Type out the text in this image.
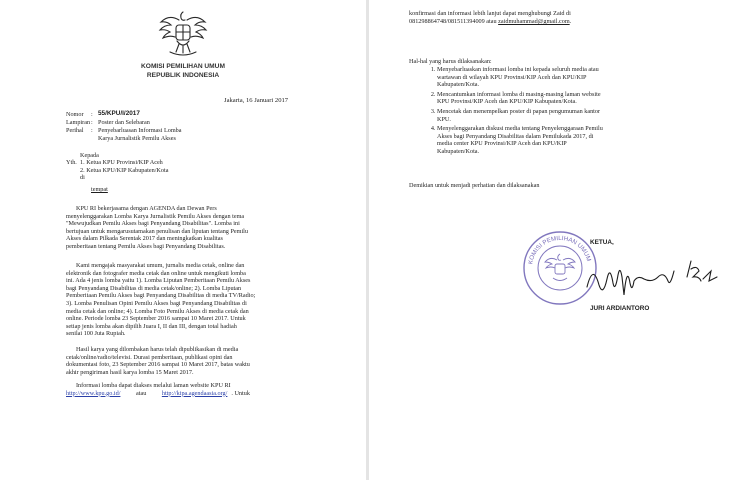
KOMISI PEMILIHAN UMUM
REPUBLIK INDONESIA
Jakarta, 16 Januari 2017
Nomor : 55/KPU/I/2017
Lampiran : Poster dan Selebaran
Perihal : Penyebarluasan Informasi Lomba
Karya Jurnalistik Pemilu Akses
Kepada
Yth. 1. Ketua KPU Provinsi/KIP Aceh
2. Ketua KPU/KIP Kabupaten/Kota
di
tempat
KPU RI bekerjasama dengan AGENDA dan Dewan Pers
menyelenggarakan Lomba Karya Jurnalistik Pemilu Akses dengan tema
"Mewujudkan Pemilu Akses bagi Penyandang Disabilitas". Lomba ini
bertujuan untuk mengarusutamakan penulisan dan liputan tentang Pemilu
Akses dalam Pilkada Serentak 2017 dan meningkatkan kualitas
pemberitaan tentang Pemilu Akses bagi Penyandang Disabilitas.
Kami mengajak masyarakat umum, jurnalis media cetak, online dan
elektronik dan fotografer media cetak dan online untuk mengikuti lomba
ini. Ada 4 jenis lomba yaitu 1). Lomba Liputan Pemberitaan Pemilu Akses
bagi Penyandang Disabilitas di media cetak/online; 2). Lomba Liputan
Pemberitaan Pemilu Akses bagi Penyandang Disabilitas di media TV/Radio;
3). Lomba Penulisan Opini Pemilu Akses bagi Penyandang Disabilitas di
media cetak dan online; 4). Lomba Foto Pemilu Akses di media cetak dan
online. Periode lomba 23 September 2016 sampai 10 Maret 2017. Untuk
setiap jenis lomba akan dipilih Juara I, II dan III, dengan total hadiah
senilai 100 Juta Rupiah.
Hasil karya yang dilombakan harus telah dipublikasikan di media
cetak/online/radio/televisi. Durasi pemberitaan, publikasi opini dan
dokumentasi foto, 23 September 2016 sampai 10 Maret 2017, batas waktu
akhir pengiriman hasil karya lomba 15 Maret 2017.
Informasi lomba dapat diakses melalui laman website KPU RI
http://www.kpu.go.id/	atau	http://kipa.agendaasia.org/ . Untuk
konfirmasi dan informasi lebih lanjut dapat menghubungi Zaid di
081298864748/081511394009 atau zaidmuhammad@gmail.com.
Hal-hal yang harus dilaksanakan:
1. Menyebarluaskan informasi lomba ini kepada seluruh media atau
wartawan di wilayah KPU Provinsi/KIP Aceh dan KPU/KIP
Kabupaten/Kota.
2. Mencantumkan informasi lomba di masing-masing laman website
KPU Provinsi/KIP Aceh dan KPU/KIP Kabupaten/Kota.
3. Mencetak dan menempelkan poster di papan pengumuman kantor
KPU.
4. Menyelenggarakan diskusi media tentang Penyelenggaraan Pemilu
Akses bagi Penyandang Disabilitas dalam Pemilukada 2017, di
media center KPU Provinsi/KIP Aceh dan KPU/KIP
Kabupaten/Kota.
Demikian untuk menjadi perhatian dan dilaksanakan
KETUA,
KOMISI PEMILIHAN UMUM
JURI ARDIANTORO
